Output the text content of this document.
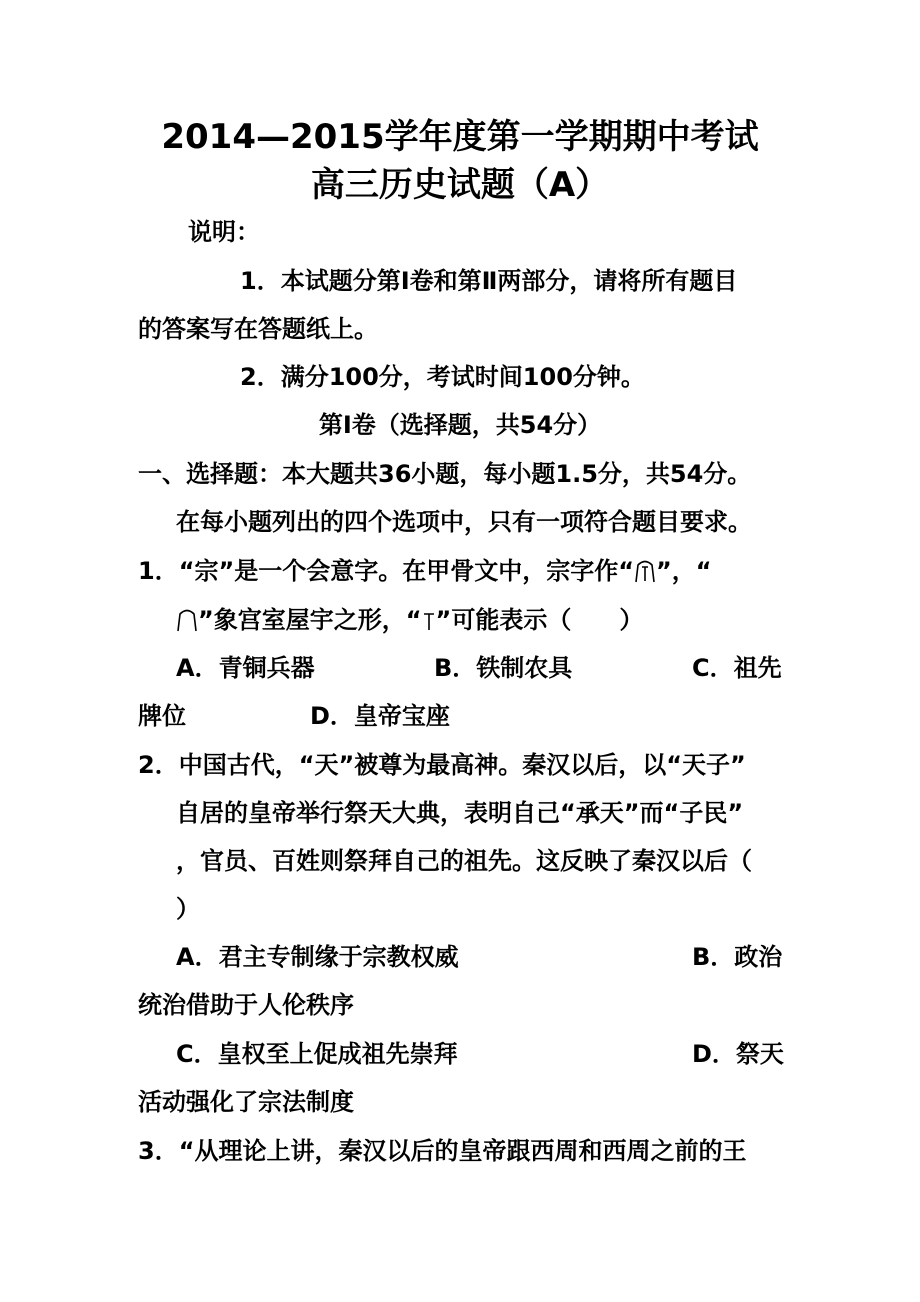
2014—2015学年度第一学期期中考试
高三历史试题（A）
说明：
1．本试题分第Ⅰ卷和第Ⅱ两部分，请将所有题目
的答案写在答题纸上。
2．满分100分，考试时间100分钟。
第Ⅰ卷（选择题，共54分）
一、选择题：本大题共36小题，每小题1.5分，共54分。
在每小题列出的四个选项中，只有一项符合题目要求。
1．“宗”是一个会意字。在甲骨文中，宗字作“ ”，“
”象宫室屋宇之形，“ ”可能表示（　　）
A．青铜兵器	B．铁制农具	C．祖先
牌位	D．皇帝宝座
2．中国古代，“天”被尊为最高神。秦汉以后，以“天子”
自居的皇帝举行祭天大典，表明自己“承天”而“子民”
，官员、百姓则祭拜自己的祖先。这反映了秦汉以后（
）
A．君主专制缘于宗教权威	B．政治
统治借助于人伦秩序
C．皇权至上促成祖先崇拜	D．祭天
活动强化了宗法制度
3．“从理论上讲，秦汉以后的皇帝跟西周和西周之前的王
